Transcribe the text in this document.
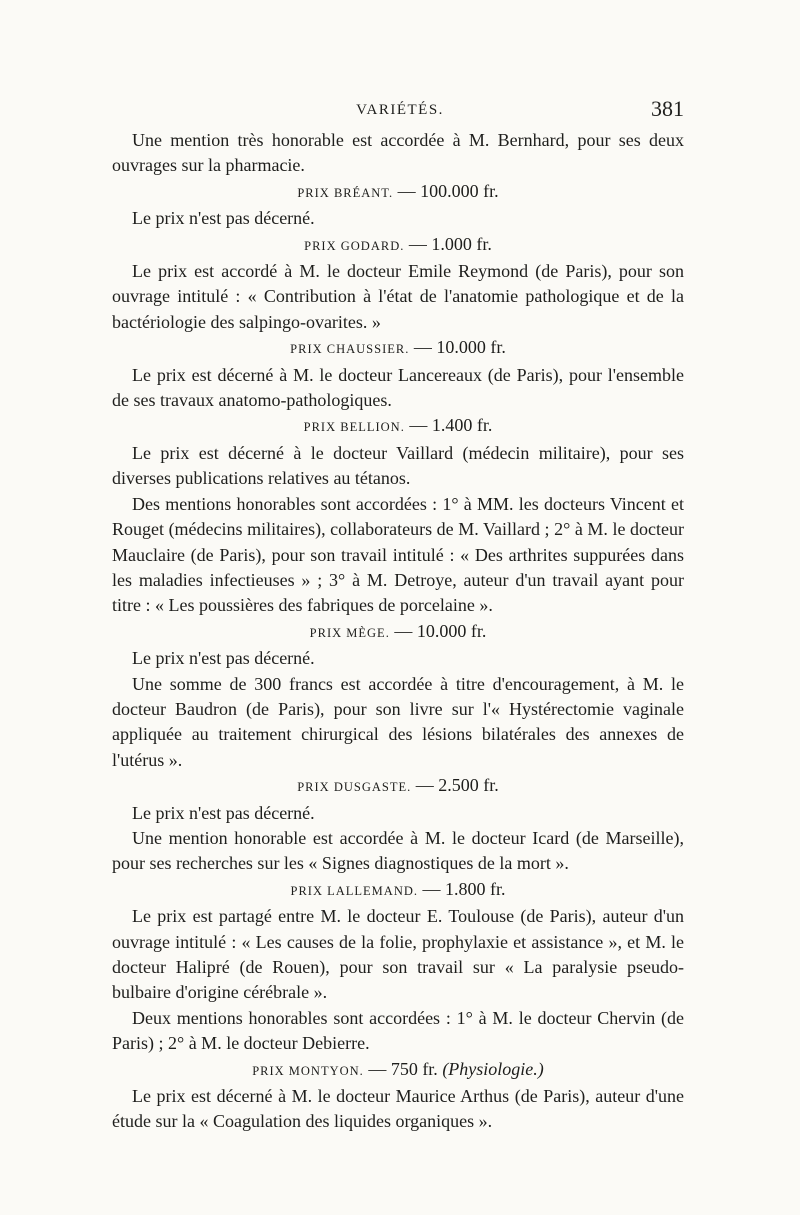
VARIÉTÉS.	381

Une mention très honorable est accordée à M. Bernhard, pour ses deux ouvrages sur la pharmacie.

PRIX BRÉANT. — 100.000 fr.

Le prix n'est pas décerné.

PRIX GODARD. — 1.000 fr.

Le prix est accordé à M. le docteur Emile Reymond (de Paris), pour son ouvrage intitulé : « Contribution à l'état de l'anatomie pathologique et de la bactériologie des salpingo-ovarites. »

PRIX CHAUSSIER. — 10.000 fr.

Le prix est décerné à M. le docteur Lancereaux (de Paris), pour l'ensemble de ses travaux anatomo-pathologiques.

PRIX BELLION. — 1.400 fr.

Le prix est décerné à le docteur Vaillard (médecin militaire), pour ses diverses publications relatives au tétanos.

Des mentions honorables sont accordées : 1° à MM. les docteurs Vincent et Rouget (médecins militaires), collaborateurs de M. Vaillard ; 2° à M. le docteur Mauclaire (de Paris), pour son travail intitulé : « Des arthrites suppurées dans les maladies infectieuses » ; 3° à M. Detroye, auteur d'un travail ayant pour titre : « Les poussières des fabriques de porcelaine ».

PRIX MÈGE. — 10.000 fr.

Le prix n'est pas décerné.

Une somme de 300 francs est accordée à titre d'encouragement, à M. le docteur Baudron (de Paris), pour son livre sur l'« Hystérectomie vaginale appliquée au traitement chirurgical des lésions bilatérales des annexes de l'utérus ».

PRIX DUSGASTE. — 2.500 fr.

Le prix n'est pas décerné.

Une mention honorable est accordée à M. le docteur Icard (de Marseille), pour ses recherches sur les « Signes diagnostiques de la mort ».

PRIX LALLEMAND. — 1.800 fr.

Le prix est partagé entre M. le docteur E. Toulouse (de Paris), auteur d'un ouvrage intitulé : « Les causes de la folie, prophylaxie et assistance », et M. le docteur Halipré (de Rouen), pour son travail sur « La paralysie pseudo-bulbaire d'origine cérébrale ».

Deux mentions honorables sont accordées : 1° à M. le docteur Chervin (de Paris) ; 2° à M. le docteur Debierre.

PRIX MONTYON. — 750 fr. (Physiologie.)

Le prix est décerné à M. le docteur Maurice Arthus (de Paris), auteur d'une étude sur la « Coagulation des liquides organiques ».
